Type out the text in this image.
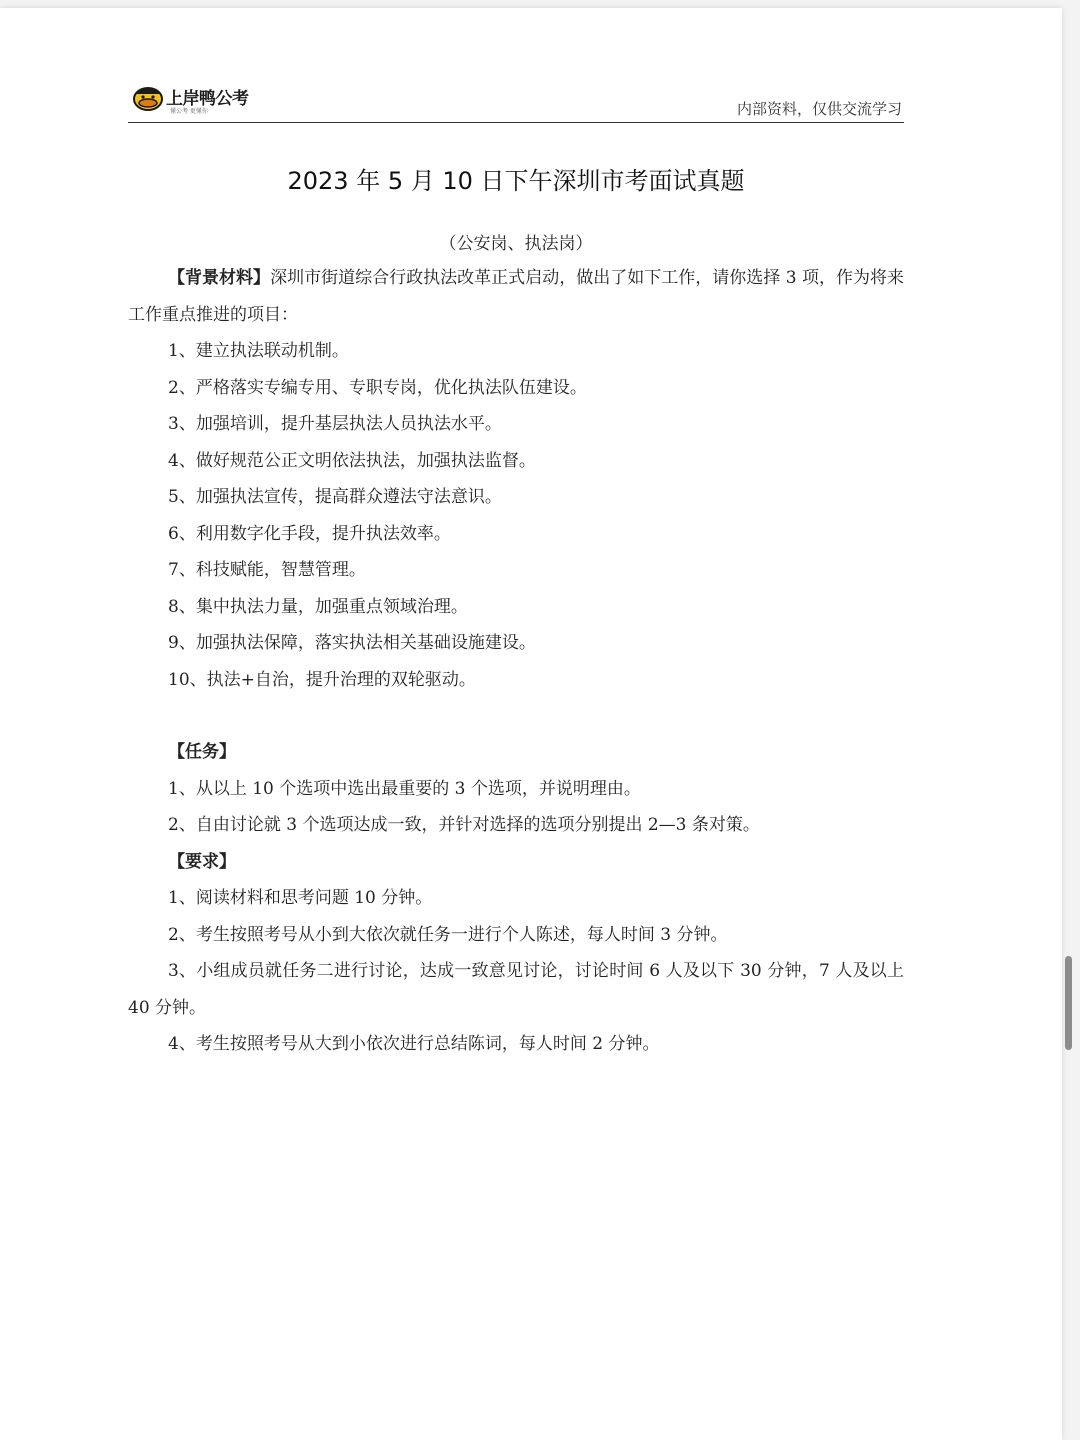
上岸鸭公考
懂公考 更懂你	内部资料，仅供交流学习
2023 年 5 月 10 日下午深圳市考面试真题
（公安岗、执法岗）

【背景材料】深圳市街道综合行政执法改革正式启动，做出了如下工作，请你选择 3 项，作为将来工作重点推进的项目：

1、建立执法联动机制。

2、严格落实专编专用、专职专岗，优化执法队伍建设。

3、加强培训，提升基层执法人员执法水平。

4、做好规范公正文明依法执法，加强执法监督。

5、加强执法宣传，提高群众遵法守法意识。

6、利用数字化手段，提升执法效率。

7、科技赋能，智慧管理。

8、集中执法力量，加强重点领域治理。

9、加强执法保障，落实执法相关基础设施建设。

10、执法+自治，提升治理的双轮驱动。

【任务】

1、从以上 10 个选项中选出最重要的 3 个选项，并说明理由。

2、自由讨论就 3 个选项达成一致，并针对选择的选项分别提出 2—3 条对策。

【要求】

1、阅读材料和思考问题 10 分钟。

2、考生按照考号从小到大依次就任务一进行个人陈述，每人时间 3 分钟。

3、小组成员就任务二进行讨论，达成一致意见讨论，讨论时间 6 人及以下 30 分钟，7 人及以上 40 分钟。

4、考生按照考号从大到小依次进行总结陈词，每人时间 2 分钟。
